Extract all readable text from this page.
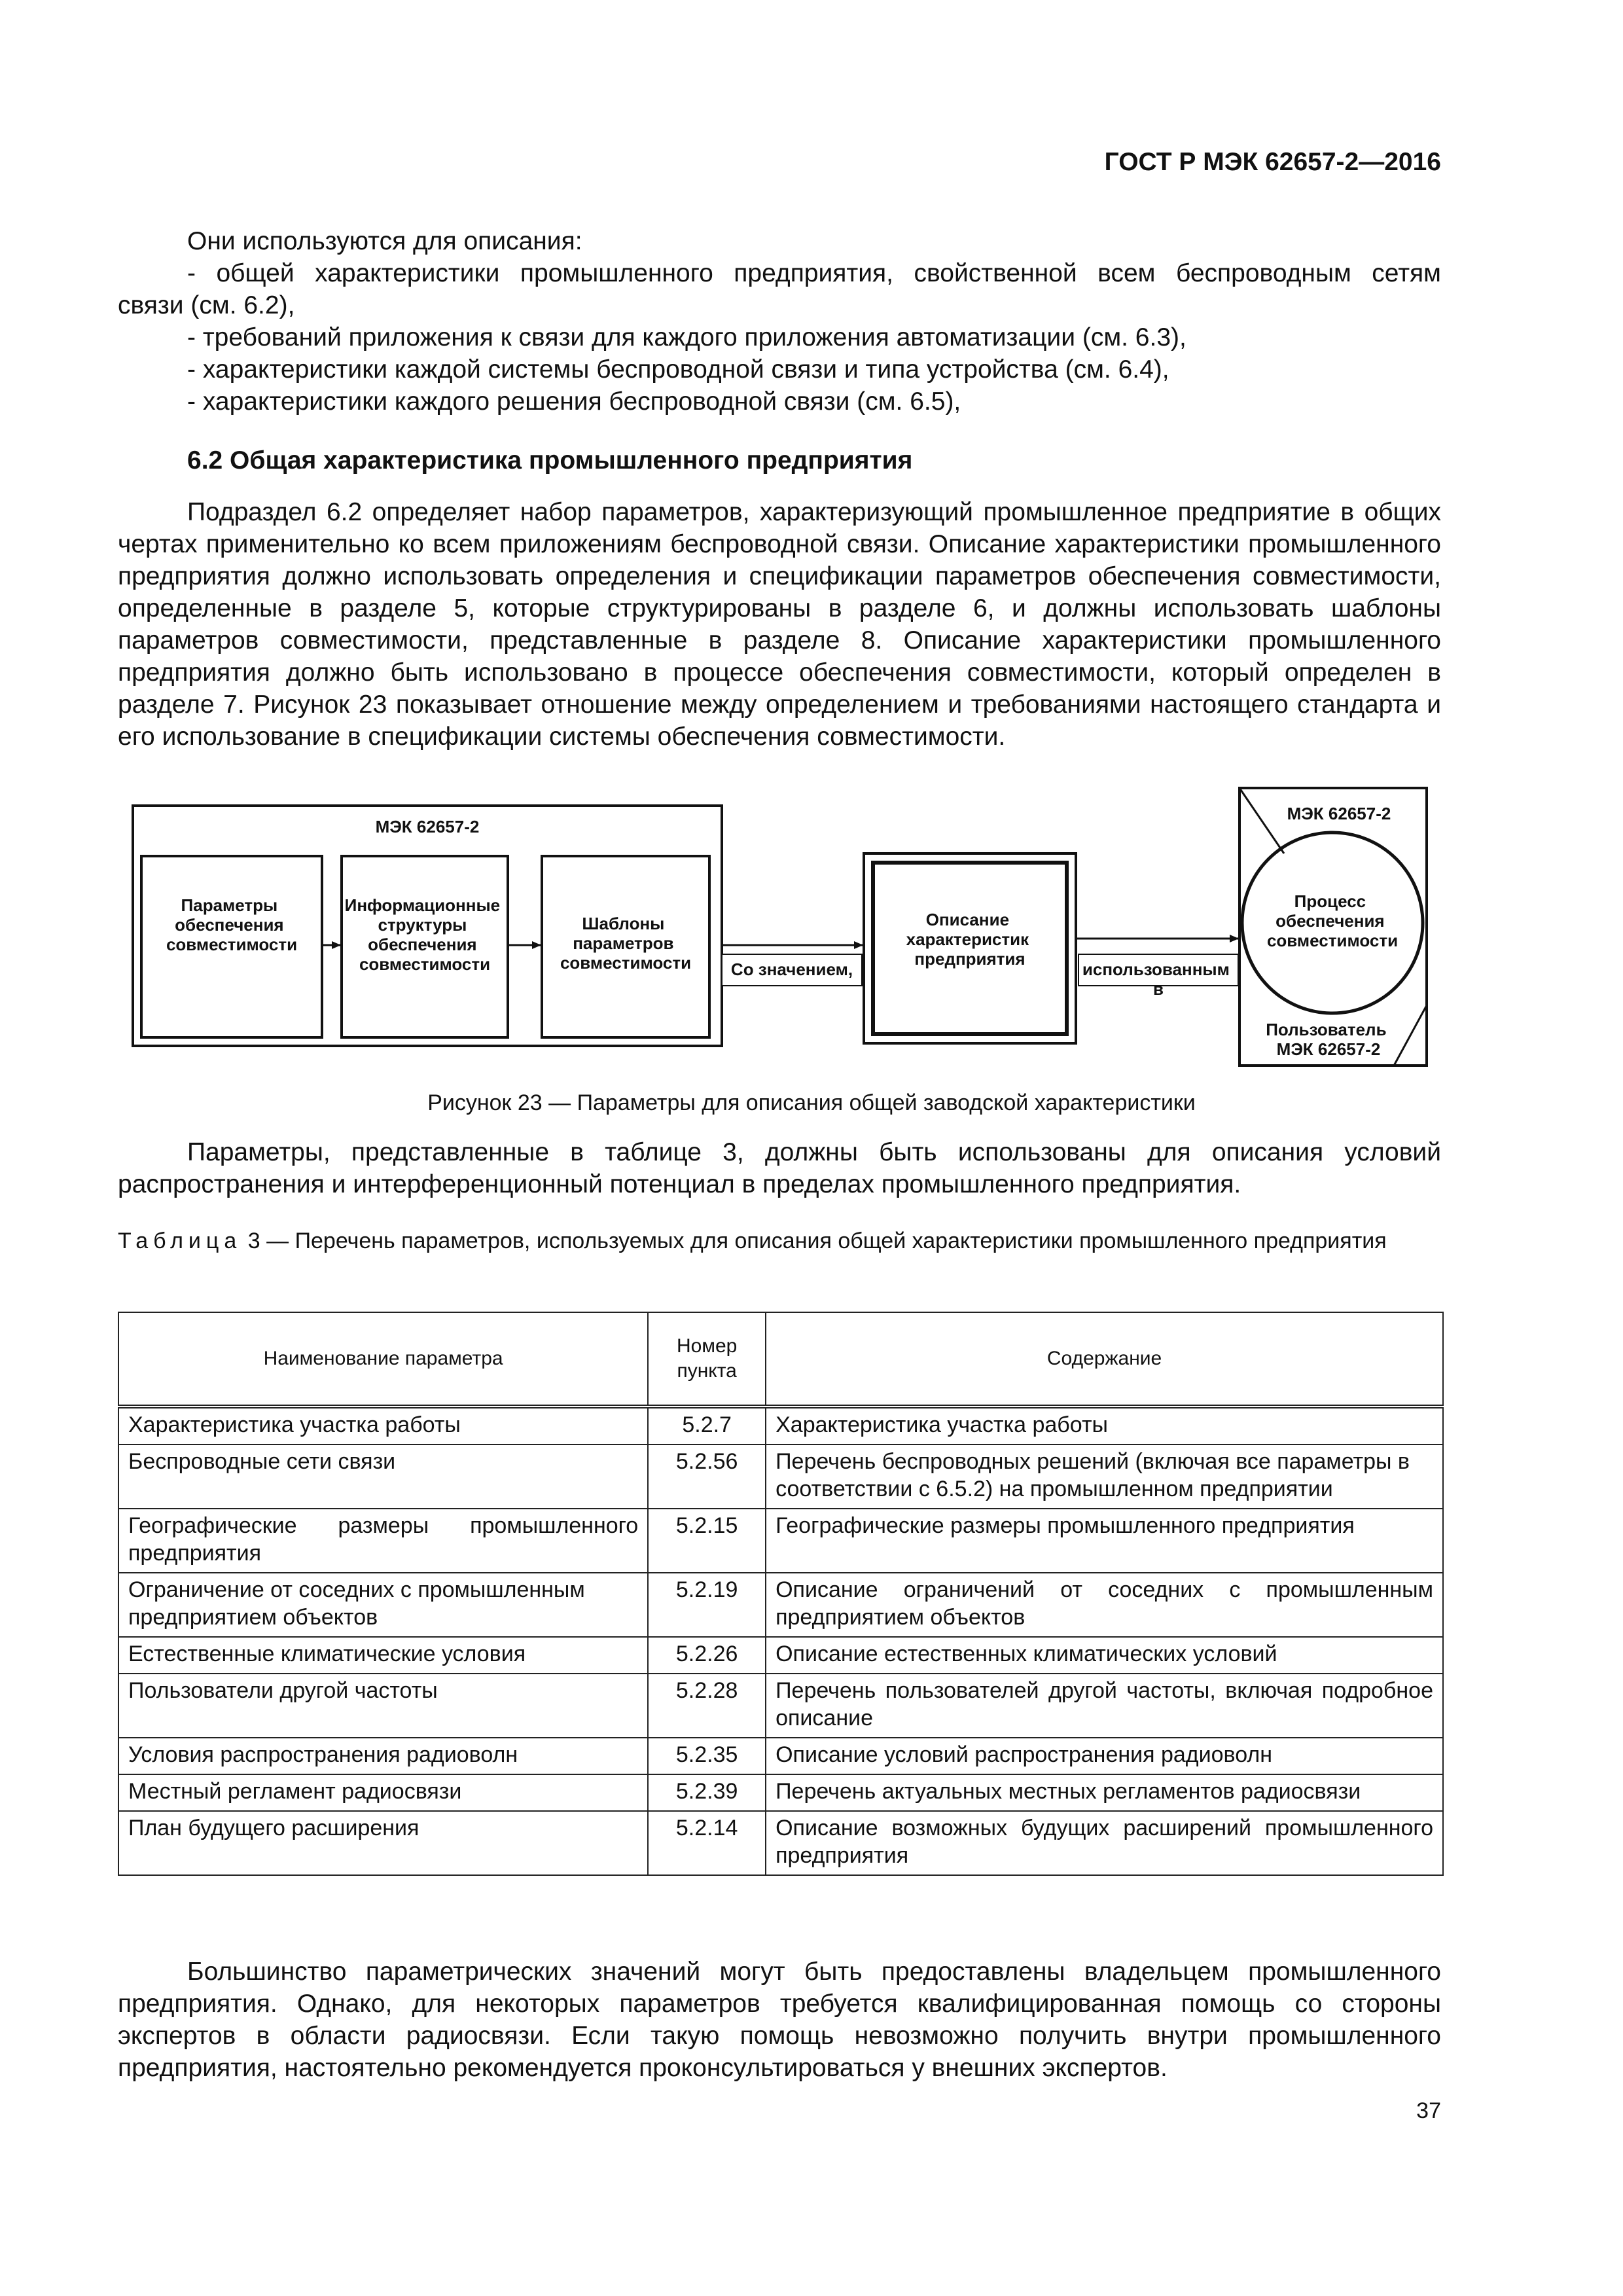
ГОСТ Р МЭК 62657-2—2016

Они используются для описания:

- общей характеристики промышленного предприятия, свойственной всем беспроводным сетям

связи (см. 6.2),

- требований приложения к связи для каждого приложения автоматизации (см. 6.3),

- характеристики каждой системы беспроводной связи и типа устройства (см. 6.4),

- характеристики каждого решения беспроводной связи (см. 6.5),

6.2 Общая характеристика промышленного предприятия
Подраздел 6.2 определяет набор параметров, характеризующий промышленное предприятие в общих чертах применительно ко всем приложениям беспроводной связи. Описание характеристики промышленного предприятия должно использовать определения и спецификации параметров обеспечения совместимости, определенные в разделе 5, которые структурированы в разделе 6, и должны использовать шаблоны параметров совместимости, представленные в разделе 8. Описание характеристики промышленного предприятия должно быть использовано в процессе обеспечения совместимости, который определен в разделе 7. Рисунок 23 показывает отношение между определением и требованиями настоящего стандарта и его использование в спецификации системы обеспечения совместимости.
МЭК 62657-2
Параметры обеспечения совместимости
Информационные структуры обеспечения совместимости
Шаблоны параметров совместимости Со значением,
Описание характеристик предприятия
использованным в
МЭК 62657-2
Процесс обеспечения совместимости
Пользователь МЭК 62657-2
Рисунок 23 — Параметры для описания общей заводской характеристики
Параметры, представленные в таблице 3, должны быть использованы для описания условий распространения и интерференционный потенциал в пределах промышленного предприятия.
Таблица 3 — Перечень параметров, используемых для описания общей характеристики промышленного предприятия
Наименование параметра	Номер пункта	Содержание
Характеристика участка работы	5.2.7	Характеристика участка работы
Беспроводные сети связи	5.2.56	Перечень беспроводных решений (включая все параметры в соответствии с 6.5.2) на промышленном предприятии
Географические размеры промышленного предприятия	5.2.15	Географические размеры промышленного предприятия
Ограничение от соседних с промышленным предприятием объектов	5.2.19	Описание ограничений от соседних с промышленным предприятием объектов
Естественные климатические условия	5.2.26	Описание естественных климатических условий
Пользователи другой частоты	5.2.28	Перечень пользователей другой частоты, включая подробное описание
Условия распространения радиоволн	5.2.35	Описание условий распространения радиоволн
Местный регламент радиосвязи	5.2.39	Перечень актуальных местных регламентов радиосвязи
План будущего расширения	5.2.14	Описание возможных будущих расширений промышленного предприятия
Большинство параметрических значений могут быть предоставлены владельцем промышленного предприятия. Однако, для некоторых параметров требуется квалифицированная помощь со стороны экспертов в области радиосвязи. Если такую помощь невозможно получить внутри промышленного предприятия, настоятельно рекомендуется проконсультироваться у внешних экспертов.
37
